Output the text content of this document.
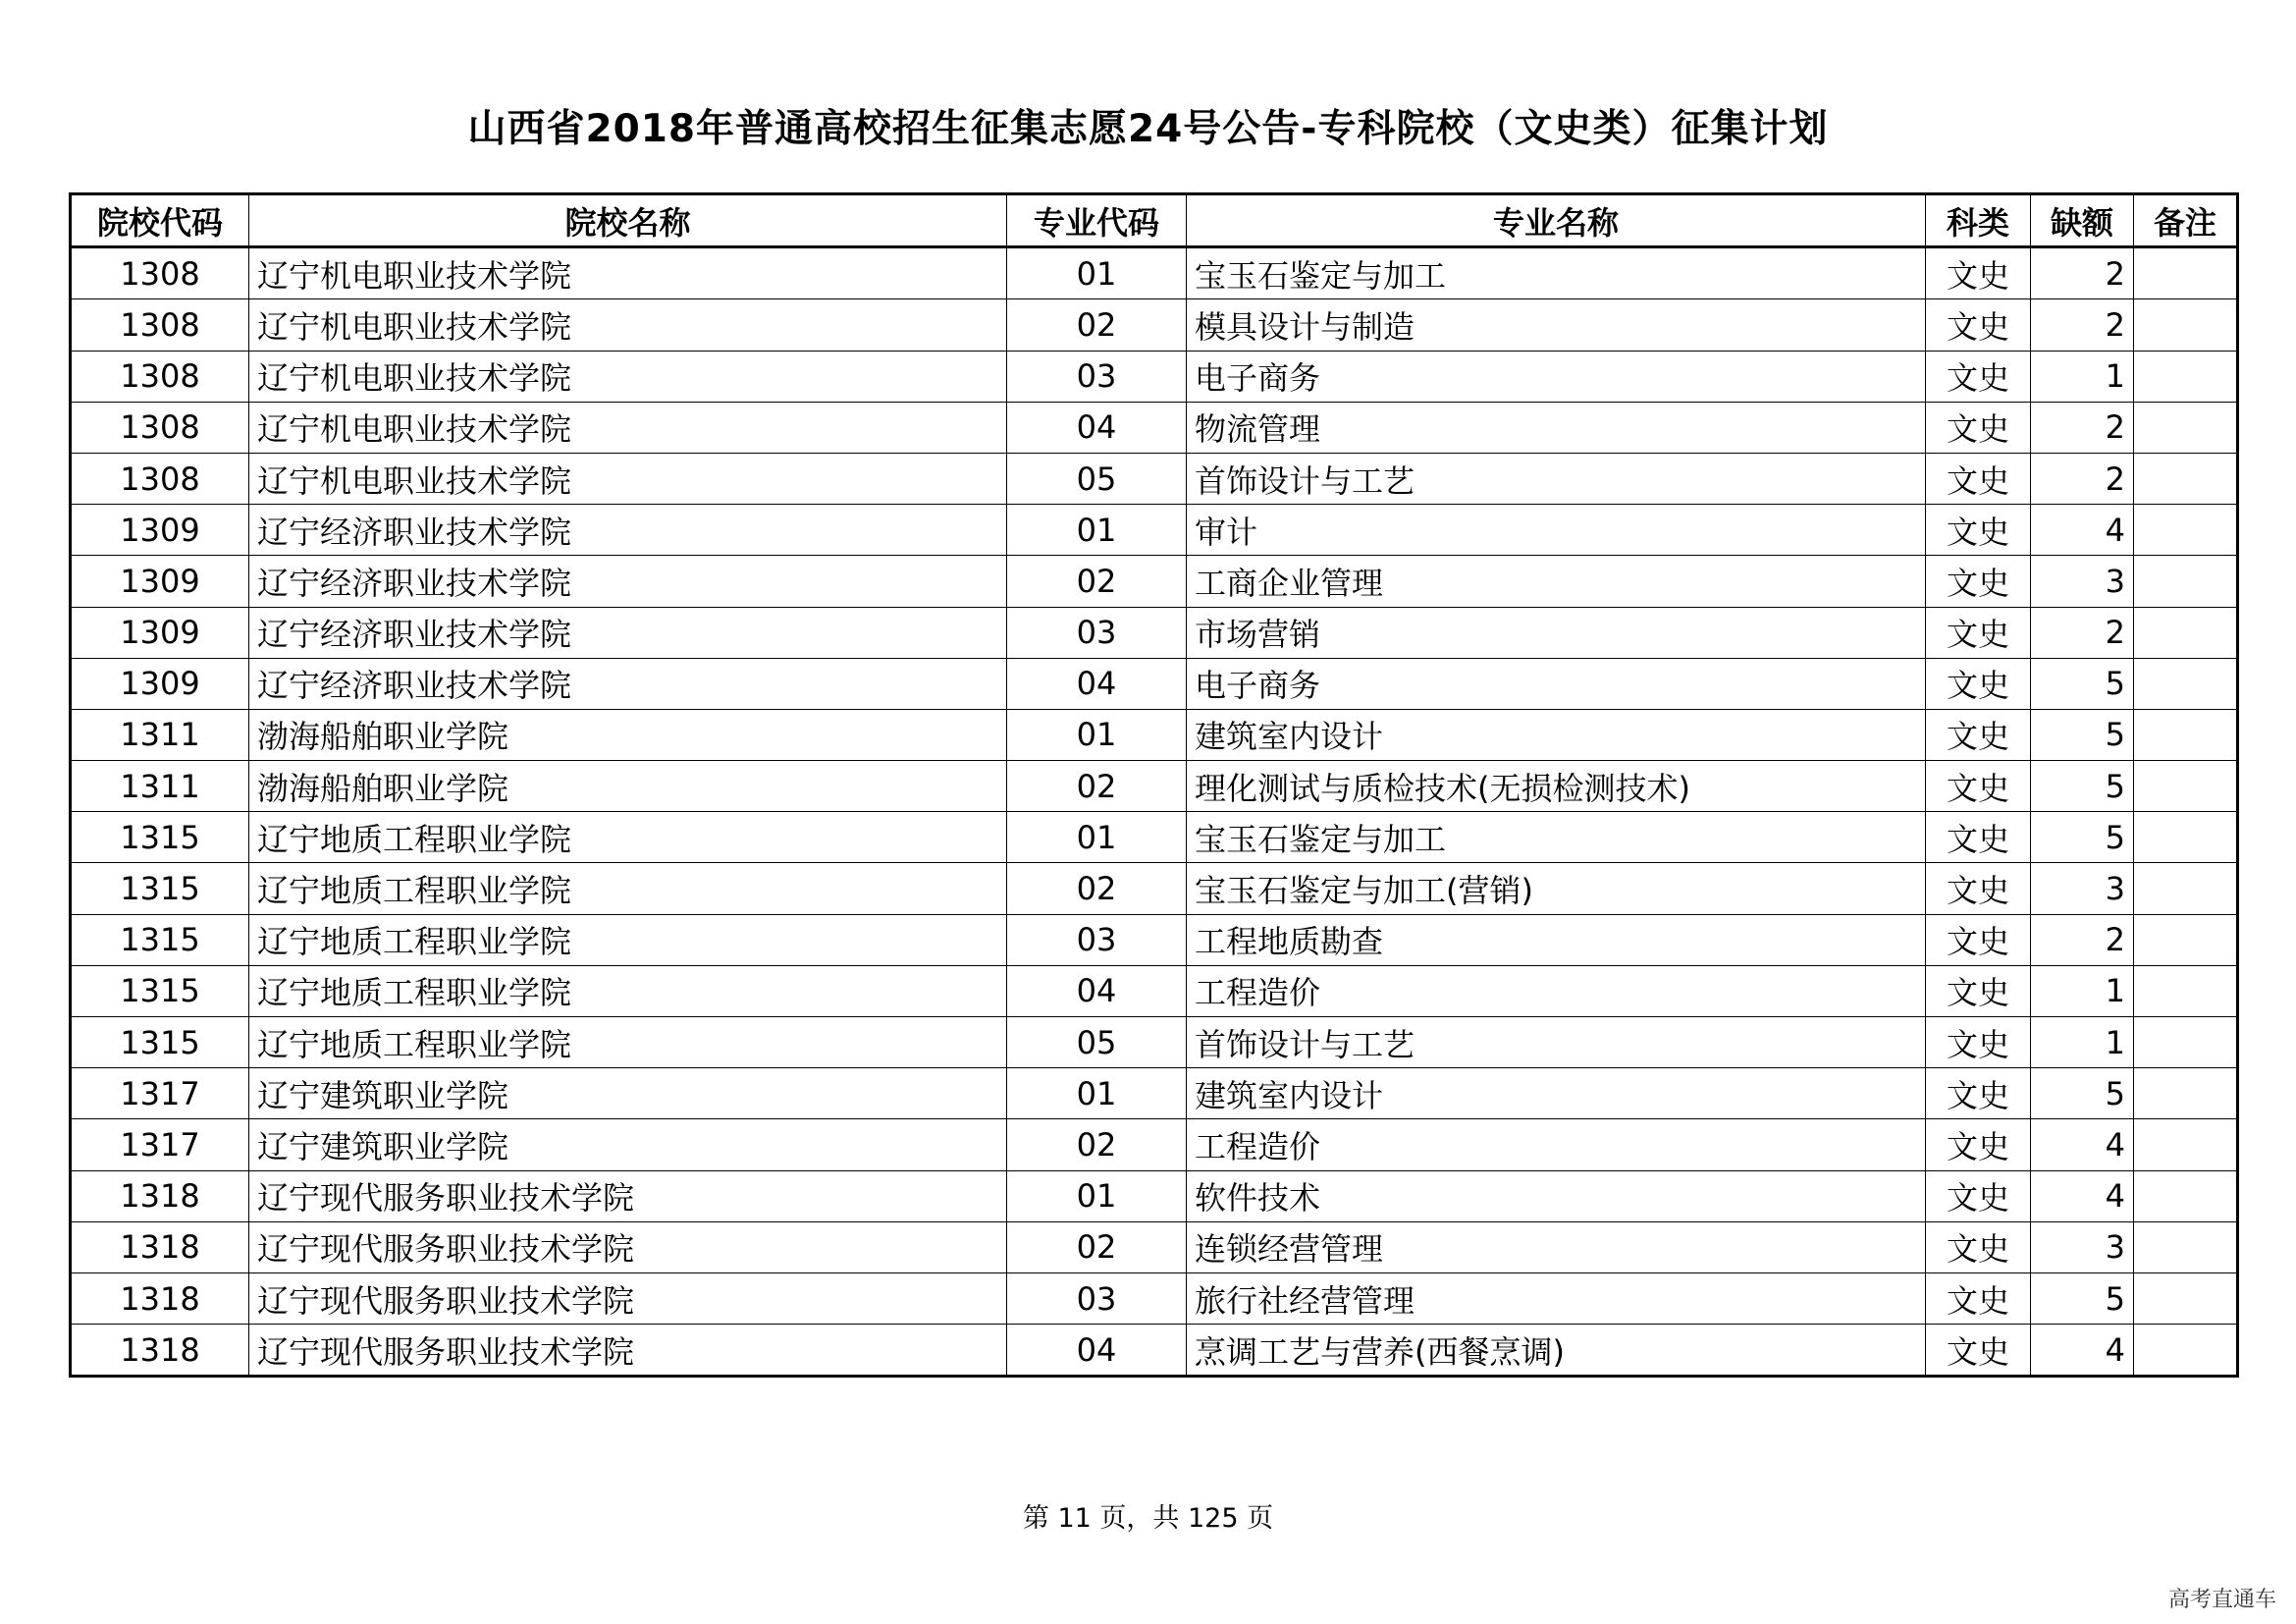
山西省2018年普通高校招生征集志愿24号公告-专科院校（文史类）征集计划
院校代码	院校名称	专业代码	专业名称	科类	缺额	备注
1308	辽宁机电职业技术学院	01	宝玉石鉴定与加工	文史	2	
1308	辽宁机电职业技术学院	02	模具设计与制造	文史	2	
1308	辽宁机电职业技术学院	03	电子商务	文史	1	
1308	辽宁机电职业技术学院	04	物流管理	文史	2	
1308	辽宁机电职业技术学院	05	首饰设计与工艺	文史	2	
1309	辽宁经济职业技术学院	01	审计	文史	4	
1309	辽宁经济职业技术学院	02	工商企业管理	文史	3	
1309	辽宁经济职业技术学院	03	市场营销	文史	2	
1309	辽宁经济职业技术学院	04	电子商务	文史	5	
1311	渤海船舶职业学院	01	建筑室内设计	文史	5	
1311	渤海船舶职业学院	02	理化测试与质检技术(无损检测技术)	文史	5	
1315	辽宁地质工程职业学院	01	宝玉石鉴定与加工	文史	5	
1315	辽宁地质工程职业学院	02	宝玉石鉴定与加工(营销)	文史	3	
1315	辽宁地质工程职业学院	03	工程地质勘查	文史	2	
1315	辽宁地质工程职业学院	04	工程造价	文史	1	
1315	辽宁地质工程职业学院	05	首饰设计与工艺	文史	1	
1317	辽宁建筑职业学院	01	建筑室内设计	文史	5	
1317	辽宁建筑职业学院	02	工程造价	文史	4	
1318	辽宁现代服务职业技术学院	01	软件技术	文史	4	
1318	辽宁现代服务职业技术学院	02	连锁经营管理	文史	3	
1318	辽宁现代服务职业技术学院	03	旅行社经营管理	文史	5	
1318	辽宁现代服务职业技术学院	04	烹调工艺与营养(西餐烹调)	文史	4	
第 11 页，共 125 页
高考直通车
